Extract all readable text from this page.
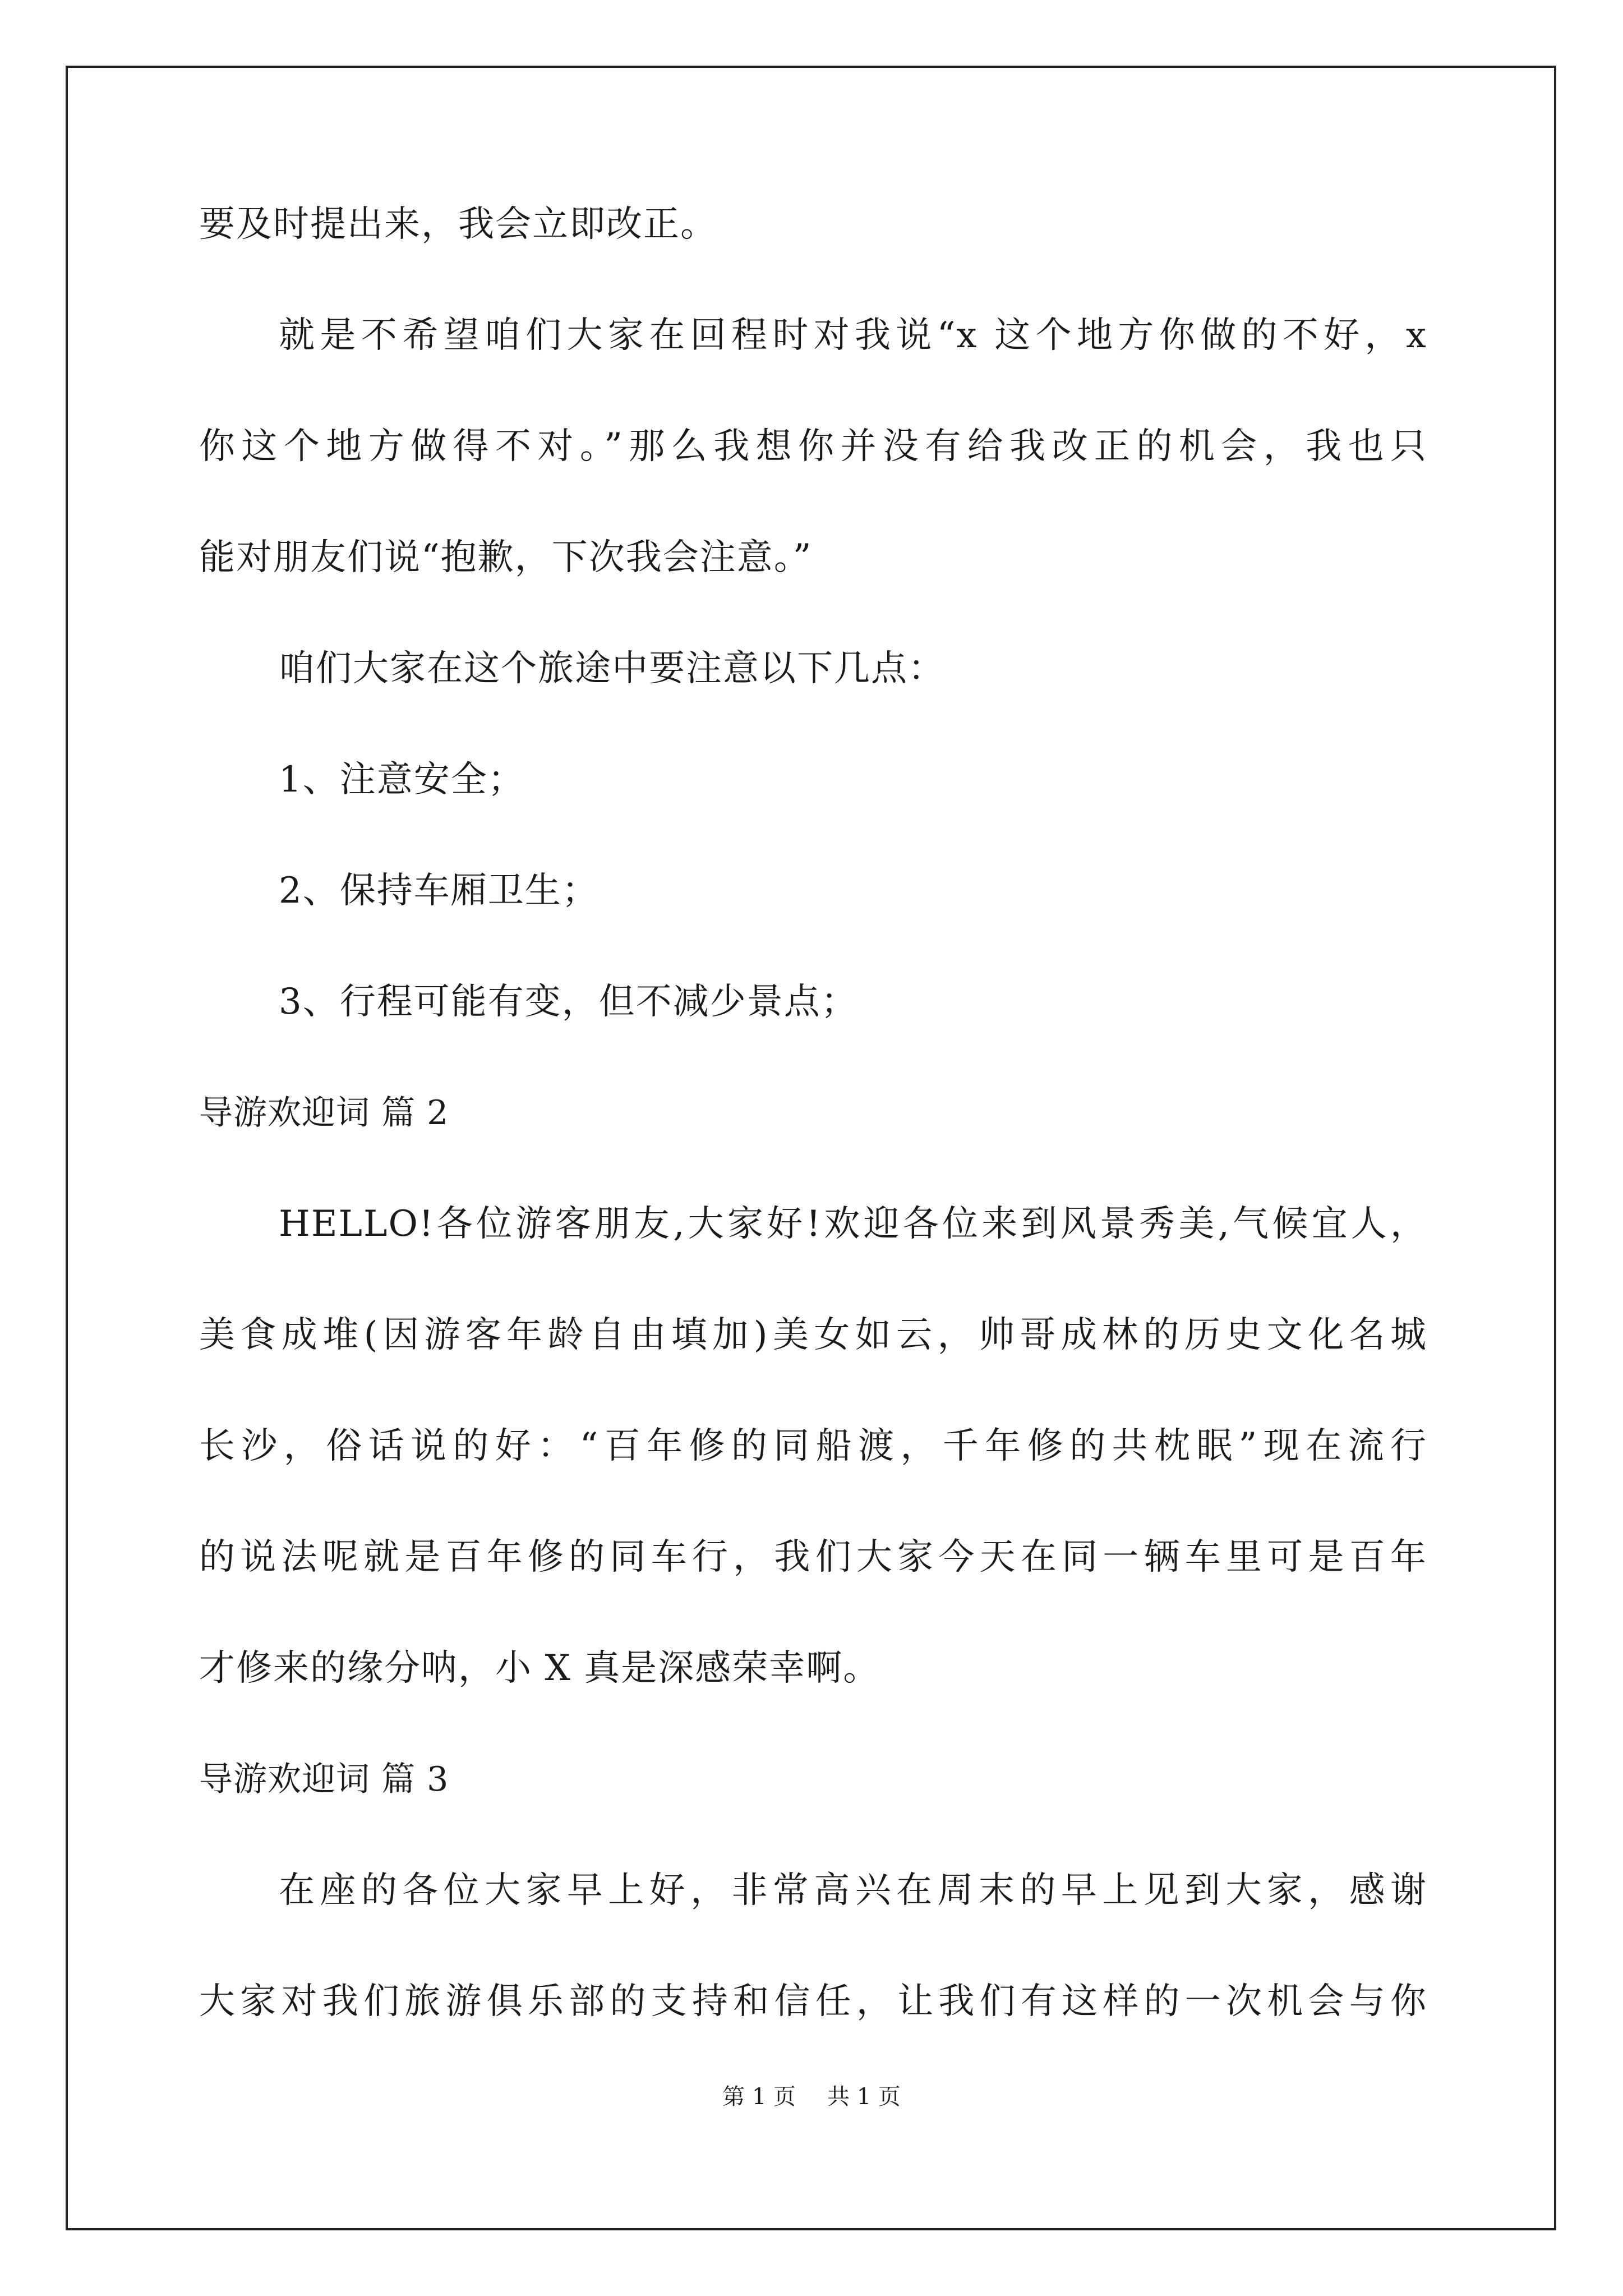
要及时提出来，我会立即改正。
就是不希望咱们大家在回程时对我说“x 这个地方你做的不好，x
你这个地方做得不对。”那么我想你并没有给我改正的机会，我也只
能对朋友们说“抱歉，下次我会注意。”
咱们大家在这个旅途中要注意以下几点：
1、注意安全；
2、保持车厢卫生；
3、行程可能有变，但不减少景点；
导游欢迎词 篇 2
HELLO!各位游客朋友,大家好!欢迎各位来到风景秀美,气候宜人，
美食成堆(因游客年龄自由填加)美女如云，帅哥成林的历史文化名城
长沙，俗话说的好：“百年修的同船渡，千年修的共枕眠”现在流行
的说法呢就是百年修的同车行，我们大家今天在同一辆车里可是百年
才修来的缘分呐，小 X 真是深感荣幸啊。
导游欢迎词 篇 3
在座的各位大家早上好，非常高兴在周末的早上见到大家，感谢
大家对我们旅游俱乐部的支持和信任，让我们有这样的一次机会与你
第 1 页 共 1 页
